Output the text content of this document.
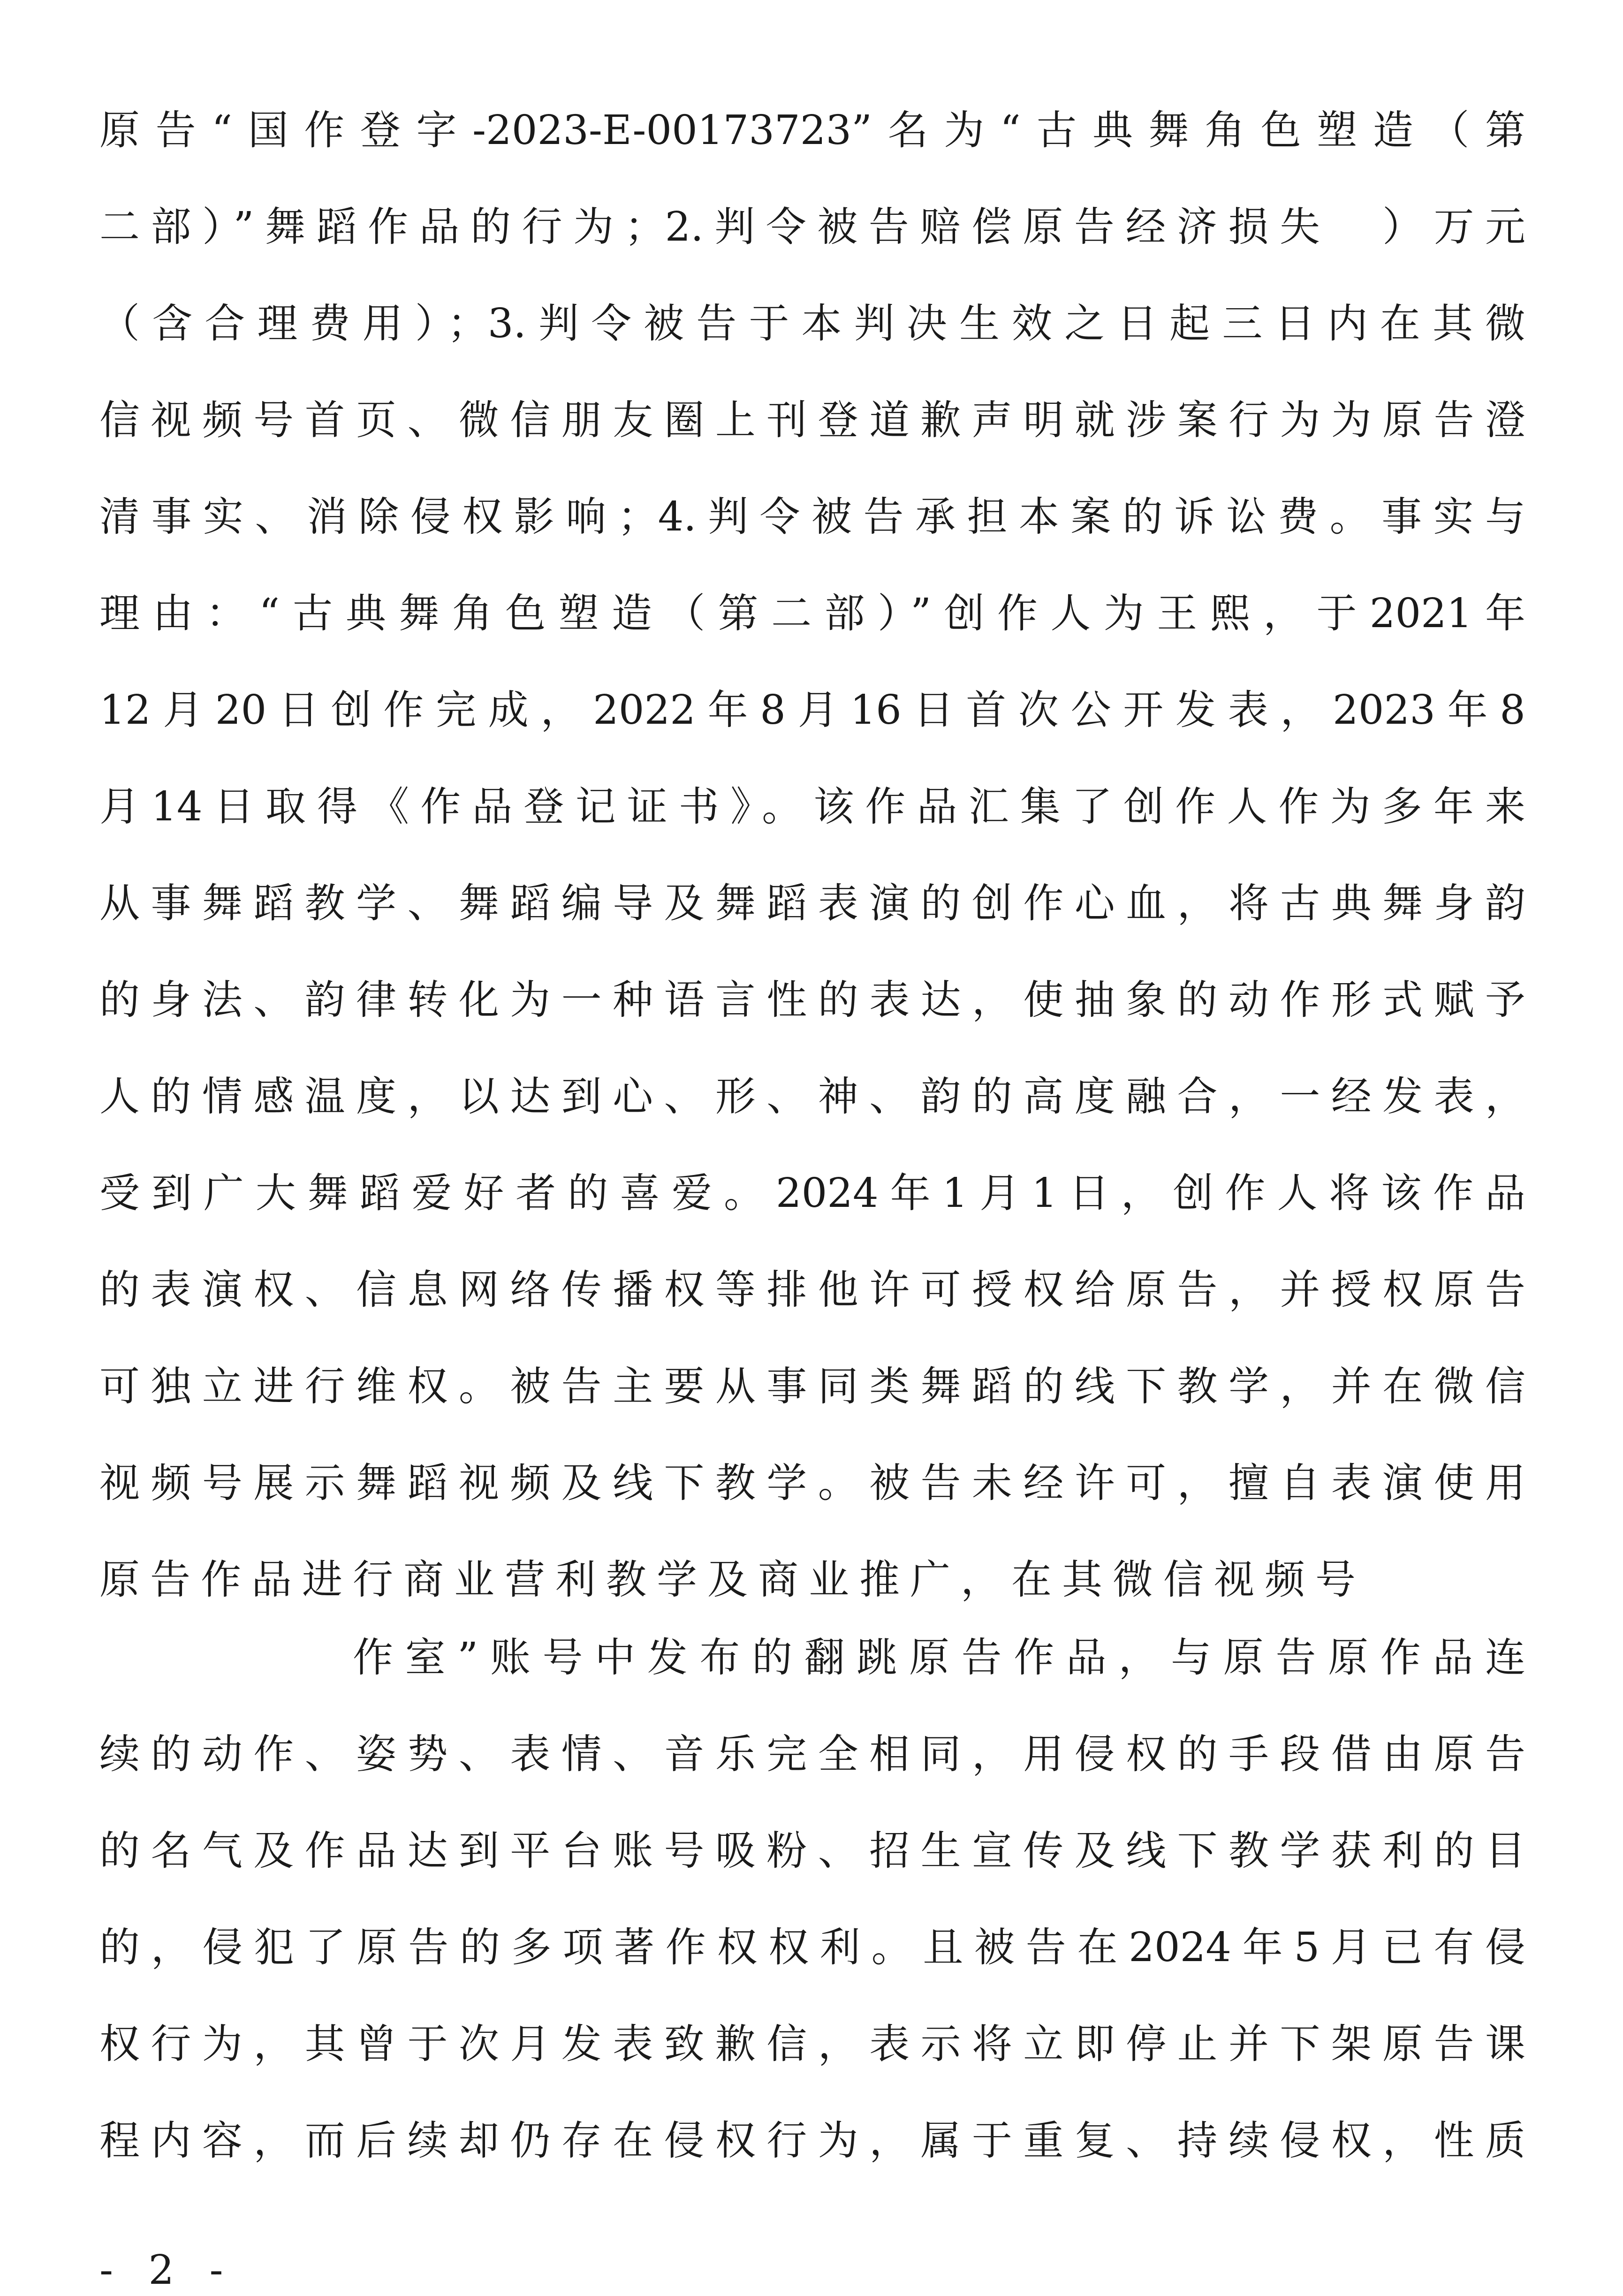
原告“国作登字-2023-E-00173723”名为“古典舞角色塑造（第
二部）”舞蹈作品的行为；2.判令被告赔偿原告经济损失　）万元
（含合理费用）；3.判令被告于本判决生效之日起三日内在其微
信视频号首页、微信朋友圈上刊登道歉声明就涉案行为为原告澄
清事实、消除侵权影响；4.判令被告承担本案的诉讼费。事实与
理由：“古典舞角色塑造（第二部）”创作人为王熙，于2021年
12月20日创作完成，2022年8月16日首次公开发表，2023年8
月14日取得《作品登记证书》。该作品汇集了创作人作为多年来
从事舞蹈教学、舞蹈编导及舞蹈表演的创作心血，将古典舞身韵
的身法、韵律转化为一种语言性的表达，使抽象的动作形式赋予
人的情感温度，以达到心、形、神、韵的高度融合，一经发表，
受到广大舞蹈爱好者的喜爱。2024年1月1日，创作人将该作品
的表演权、信息网络传播权等排他许可授权给原告，并授权原告
可独立进行维权。被告主要从事同类舞蹈的线下教学，并在微信
视频号展示舞蹈视频及线下教学。被告未经许可，擅自表演使用
原告作品进行商业营利教学及商业推广，在其微信视频号
作室”账号中发布的翻跳原告作品，与原告原作品连
续的动作、姿势、表情、音乐完全相同，用侵权的手段借由原告
的名气及作品达到平台账号吸粉、招生宣传及线下教学获利的目
的，侵犯了原告的多项著作权权利。且被告在2024年5月已有侵
权行为，其曾于次月发表致歉信，表示将立即停止并下架原告课
程内容，而后续却仍存在侵权行为，属于重复、持续侵权，性质
- 2 -
